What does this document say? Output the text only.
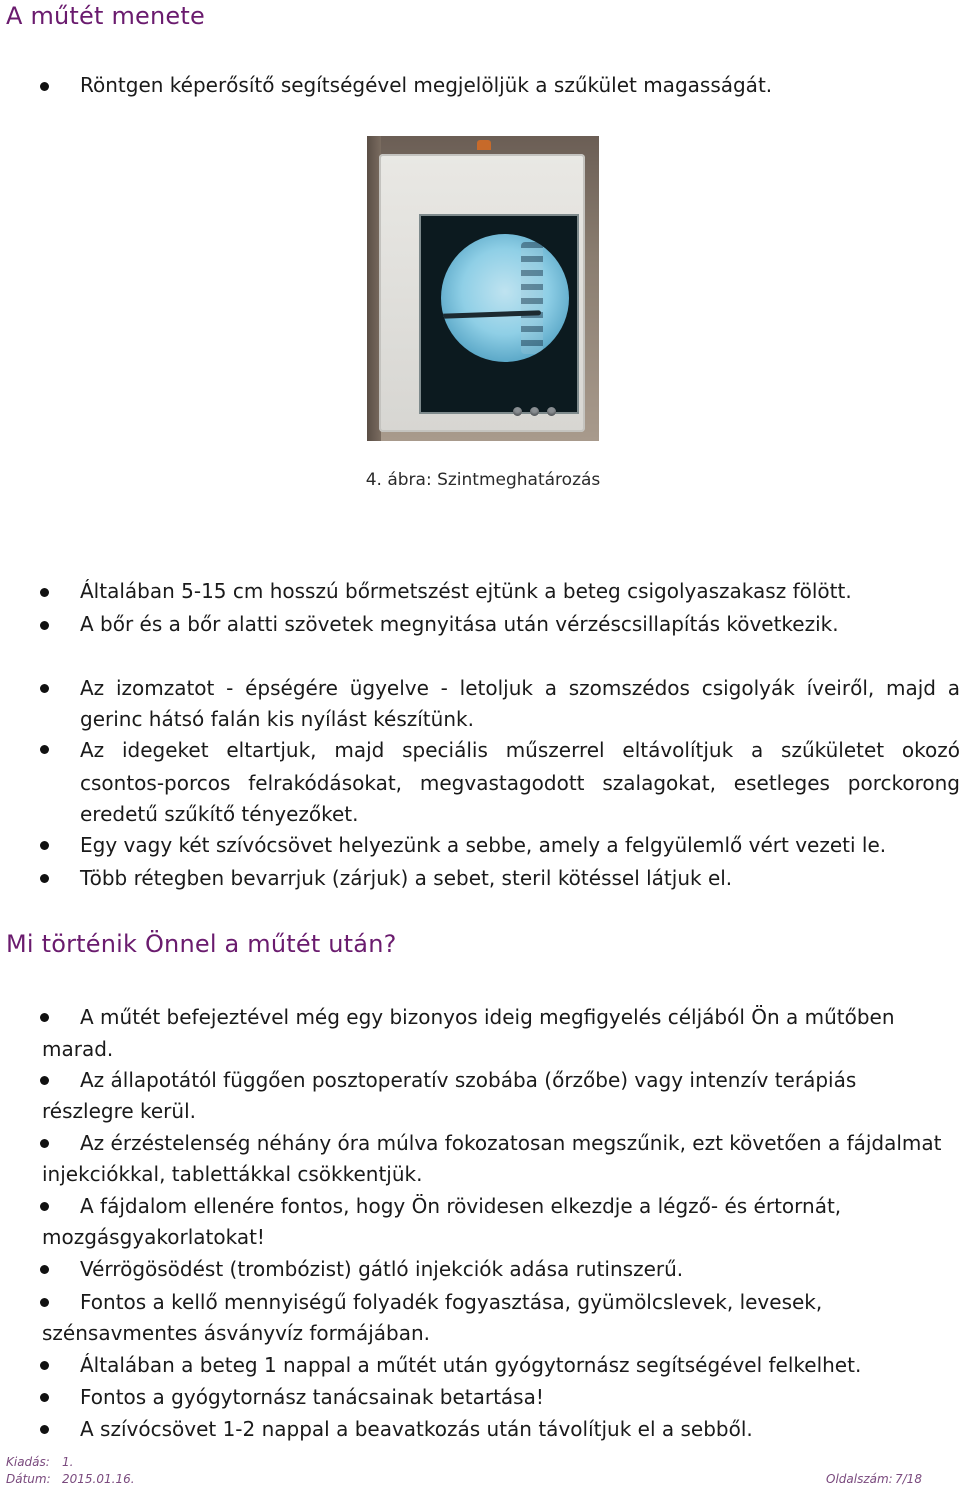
A műtét menete
Röntgen képerősítő segítségével megjelöljük a szűkület magasságát.
4. ábra: Szintmeghatározás
Általában 5-15 cm hosszú bőrmetszést ejtünk a beteg csigolyaszakasz fölött.
A bőr és a bőr alatti szövetek megnyitása után vérzéscsillapítás következik.
Az izomzatot - épségére ügyelve - letoljuk a szomszédos csigolyák íveiről, majd a
gerinc hátsó falán kis nyílást készítünk.
Az idegeket eltartjuk, majd speciális műszerrel eltávolítjuk a szűkületet okozó
csontos-porcos felrakódásokat, megvastagodott szalagokat, esetleges porckorong
eredetű szűkítő tényezőket.
Egy vagy két szívócsövet helyezünk a sebbe, amely a felgyülemlő vért vezeti le.
Több rétegben bevarrjuk (zárjuk) a sebet, steril kötéssel látjuk el.
Mi történik Önnel a műtét után?
A műtét befejeztével még egy bizonyos ideig megfigyelés céljából Ön a műtőben
marad.
Az állapotától függően posztoperatív szobába (őrzőbe) vagy intenzív terápiás
részlegre kerül.
Az érzéstelenség néhány óra múlva fokozatosan megszűnik, ezt követően a fájdalmat
injekciókkal, tablettákkal csökkentjük.
A fájdalom ellenére fontos, hogy Ön rövidesen elkezdje a légző- és értornát,
mozgásgyakorlatokat!
Vérrögösödést (trombózist) gátló injekciók adása rutinszerű.
Fontos a kellő mennyiségű folyadék fogyasztása, gyümölcslevek, levesek,
szénsavmentes ásványvíz formájában.
Általában a beteg 1 nappal a műtét után gyógytornász segítségével felkelhet.
Fontos a gyógytornász tanácsainak betartása!
A szívócsövet 1-2 nappal a beavatkozás után távolítjuk el a sebből.
Kiadás: 1.
Dátum: 2015.01.16.	Oldalszám: 7/18
